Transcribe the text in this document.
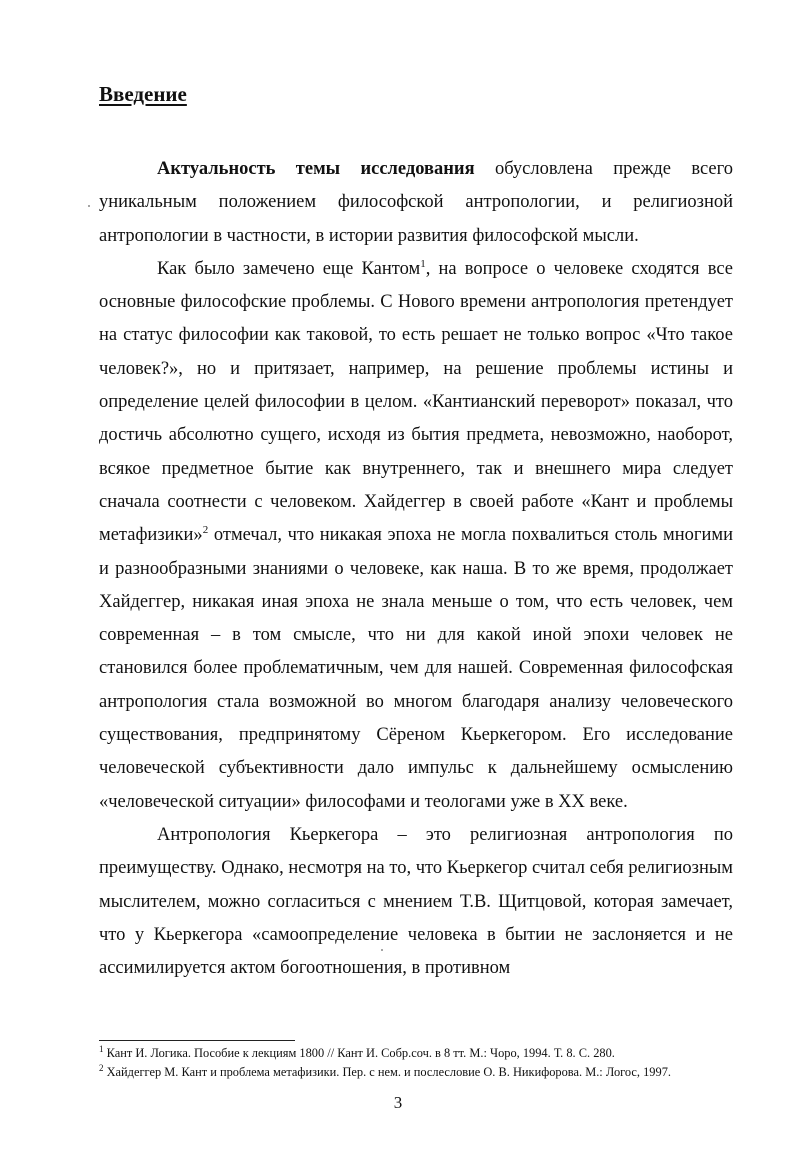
Введение

Актуальность темы исследования обусловлена прежде всего уникальным положением философской антропологии, и религиозной антропологии в частности, в истории развития философской мысли.

Как было замечено еще Кантом$^1$, на вопросе о человеке сходятся все основные философские проблемы. С Нового времени антропология претендует на статус философии как таковой, то есть решает не только вопрос «Что такое человек?», но и притязает, например, на решение проблемы истины и определение целей философии в целом. «Кантианский переворот» показал, что достичь абсолютно сущего, исходя из бытия предмета, невозможно, наоборот, всякое предметное бытие как внутреннего, так и внешнего мира следует сначала соотнести с человеком. Хайдеггер в своей работе «Кант и проблемы метафизики»$^2$ отмечал, что никакая эпоха не могла похвалиться столь многими и разнообразными знаниями о человеке, как наша. В то же время, продолжает Хайдеггер, никакая иная эпоха не знала меньше о том, что есть человек, чем современная – в том смысле, что ни для какой иной эпохи человек не становился более проблематичным, чем для нашей. Современная философская антропология стала возможной во многом благодаря анализу человеческого существования, предпринятому Сёреном Кьеркегором. Его исследование человеческой субъективности дало импульс к дальнейшему осмыслению «человеческой ситуации» философами и теологами уже в XX веке.

Антропология Кьеркегора – это религиозная антропология по преимуществу. Однако, несмотря на то, что Кьеркегор считал себя религиозным мыслителем, можно согласиться с мнением Т.В. Щитцовой, которая замечает, что у Кьеркегора «самоопределение человека в бытии не заслоняется и не ассимилируется актом богоотношения, в противном

$^1$ Кант И. Логика. Пособие к лекциям 1800 // Кант И. Собр.соч. в 8 тт. М.: Чоро, 1994. Т. 8. С. 280.

$^2$ Хайдеггер М. Кант и проблема метафизики. Пер. с нем. и послесловие О. В. Никифорова. М.: Логос, 1997.

3
